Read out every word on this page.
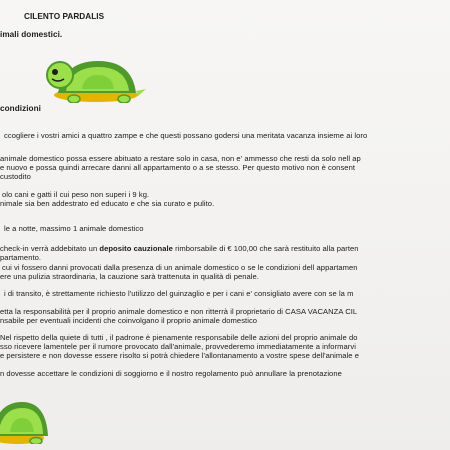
CILENTO PARDALIS
imali domestici.
condizioni
ccogliere i vostri amici a quattro zampe e che questi possano godersi una meritata vacanza insieme ai loro
animale domestico possa essere abituato a restare solo in casa, non e' ammesso che resti da solo nell ap
e nuovo e possa quindi arrecare danni all appartamento o a se stesso. Per questo motivo non è consent
custodito
olo cani e gatti il cui peso non superi i 9 kg.
nimale sia ben addestrato ed educato e che sia curato e pulito.
le a notte, massimo 1 animale domestico
check-in verrà addebitato un deposito cauzionale rimborsabile di € 100,00 che sarà restituito alla parten
partamento.
cui vi fossero danni provocati dalla presenza di un animale domestico o se le condizioni dell appartamen
ere una pulizia straordinaria, la cauzione sarà trattenuta in qualità di penale.
i di transito, è strettamente richiesto l'utilizzo del guinzaglio e per i cani e' consigliato avere con se la m
etta la responsabilità per il proprio animale domestico e non ritterrà il proprietario di CASA VACANZA CIL
nsabile per eventuali incidenti che coinvolgano il proprio animale domestico
Nel rispetto della quiete di tutti , il padrone è pienamente responsabile delle azioni del proprio animale do
sso ricevere lamentele per il rumore provocato dall'animale, provvederemo immediatamente a informarvi
e persistere e non dovesse essere risolto si potrà chiedere l'allontanamento a vostre spese dell'animale e
n dovesse accettare le condizioni di soggiorno e il nostro regolamento può annullare la prenotazione
